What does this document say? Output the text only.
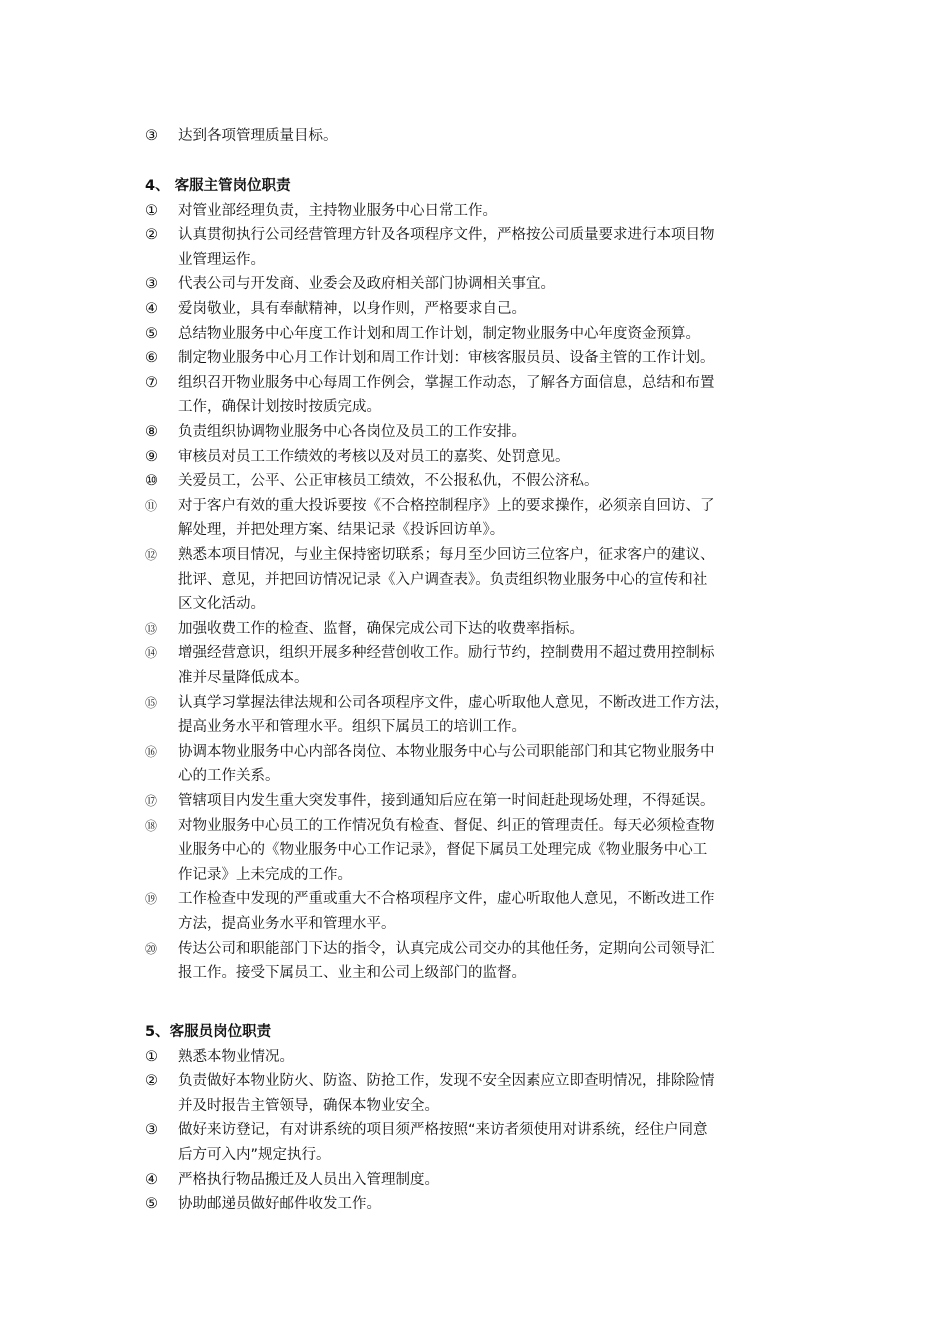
③	达到各项管理质量目标。
4、 客服主管岗位职责
①	对管业部经理负责，主持物业服务中心日常工作。
②	认真贯彻执行公司经营管理方针及各项程序文件，严格按公司质量要求进行本项目物
业管理运作。
③	代表公司与开发商、业委会及政府相关部门协调相关事宜。
④	爱岗敬业，具有奉献精神，以身作则，严格要求自己。
⑤	总结物业服务中心年度工作计划和周工作计划，制定物业服务中心年度资金预算。
⑥	制定物业服务中心月工作计划和周工作计划：审核客服员员、设备主管的工作计划。
⑦	组织召开物业服务中心每周工作例会，掌握工作动态，了解各方面信息，总结和布置
工作，确保计划按时按质完成。
⑧	负责组织协调物业服务中心各岗位及员工的工作安排。
⑨	审核员对员工工作绩效的考核以及对员工的嘉奖、处罚意见。
⑩	关爱员工，公平、公正审核员工绩效，不公报私仇，不假公济私。
⑪	对于客户有效的重大投诉要按《不合格控制程序》上的要求操作，必须亲自回访、了
解处理，并把处理方案、结果记录《投诉回访单》。
⑫	熟悉本项目情况，与业主保持密切联系；每月至少回访三位客户，征求客户的建议、
批评、意见，并把回访情况记录《入户调查表》。负责组织物业服务中心的宣传和社
区文化活动。
⑬	加强收费工作的检查、监督，确保完成公司下达的收费率指标。
⑭	增强经营意识，组织开展多种经营创收工作。励行节约，控制费用不超过费用控制标
准并尽量降低成本。
⑮	认真学习掌握法律法规和公司各项程序文件，虚心听取他人意见，不断改进工作方法，
提高业务水平和管理水平。组织下属员工的培训工作。
⑯	协调本物业服务中心内部各岗位、本物业服务中心与公司职能部门和其它物业服务中
心的工作关系。
⑰	管辖项目内发生重大突发事件，接到通知后应在第一时间赶赴现场处理，不得延误。
⑱	对物业服务中心员工的工作情况负有检查、督促、纠正的管理责任。每天必须检查物
业服务中心的《物业服务中心工作记录》，督促下属员工处理完成《物业服务中心工
作记录》上未完成的工作。
⑲	工作检查中发现的严重或重大不合格项程序文件，虚心听取他人意见，不断改进工作
方法，提高业务水平和管理水平。
⑳	传达公司和职能部门下达的指令，认真完成公司交办的其他任务，定期向公司领导汇
报工作。接受下属员工、业主和公司上级部门的监督。
5、客服员岗位职责
①	熟悉本物业情况。
②	负责做好本物业防火、防盗、防抢工作，发现不安全因素应立即查明情况，排除险情
并及时报告主管领导，确保本物业安全。
③	做好来访登记，有对讲系统的项目须严格按照“来访者须使用对讲系统，经住户同意
后方可入内”规定执行。
④	严格执行物品搬迁及人员出入管理制度。
⑤	协助邮递员做好邮件收发工作。
